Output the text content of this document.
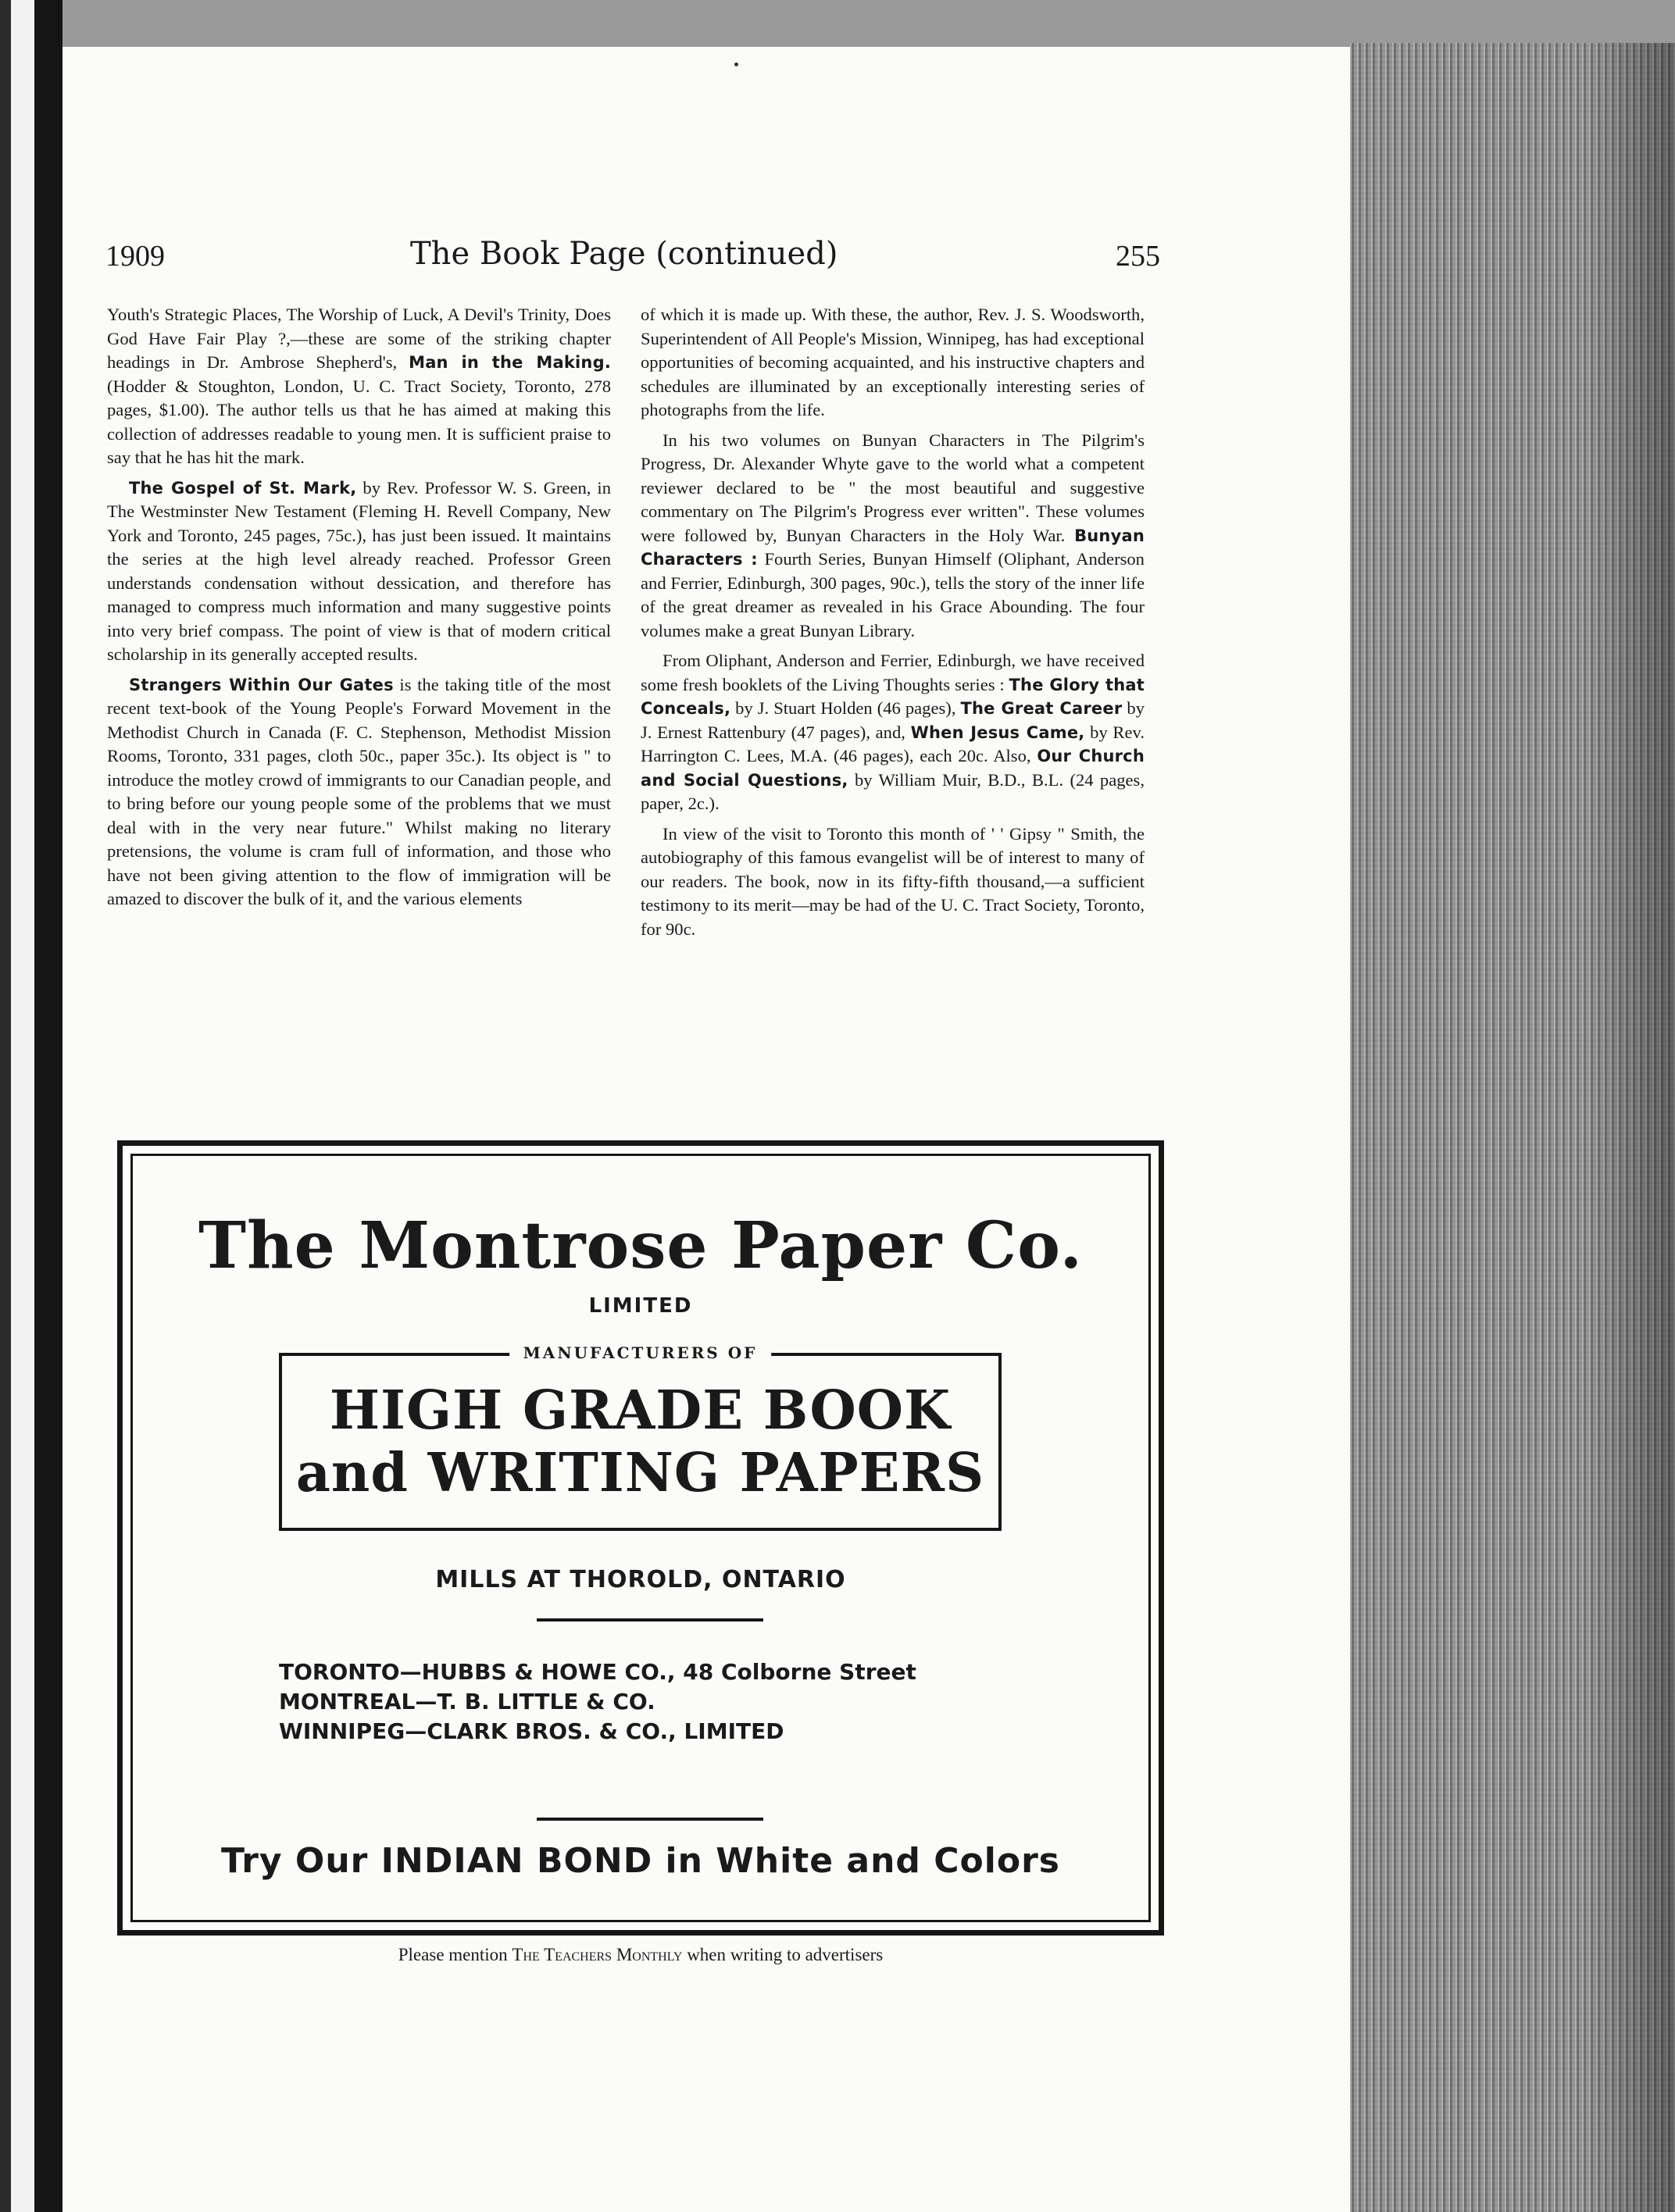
1909	The Book Page (continued)	255

Youth's Strategic Places, The Worship of Luck, A Devil's Trinity, Does God Have Fair Play ?,—these are some of the striking chapter headings in Dr. Ambrose Shepherd's, Man in the Making. (Hodder & Stoughton, London, U. C. Tract Society, Toronto, 278 pages, $1.00). The author tells us that he has aimed at making this collection of addresses readable to young men. It is sufficient praise to say that he has hit the mark.

The Gospel of St. Mark, by Rev. Professor W. S. Green, in The Westminster New Testament (Fleming H. Revell Company, New York and Toronto, 245 pages, 75c.), has just been issued. It maintains the series at the high level already reached. Professor Green understands condensation without dessication, and therefore has managed to compress much information and many suggestive points into very brief compass. The point of view is that of modern critical scholarship in its generally accepted results.

Strangers Within Our Gates is the taking title of the most recent text-book of the Young People's Forward Movement in the Methodist Church in Canada (F. C. Stephenson, Methodist Mission Rooms, Toronto, 331 pages, cloth 50c., paper 35c.). Its object is " to introduce the motley crowd of immigrants to our Canadian people, and to bring before our young people some of the problems that we must deal with in the very near future." Whilst making no literary pretensions, the volume is cram full of information, and those who have not been giving attention to the flow of immigration will be amazed to discover the bulk of it, and the various elements

of which it is made up. With these, the author, Rev. J. S. Woodsworth, Superintendent of All People's Mission, Winnipeg, has had exceptional opportunities of becoming acquainted, and his instructive chapters and schedules are illuminated by an exceptionally interesting series of photographs from the life.

In his two volumes on Bunyan Characters in The Pilgrim's Progress, Dr. Alexander Whyte gave to the world what a competent reviewer declared to be " the most beautiful and suggestive commentary on The Pilgrim's Progress ever written". These volumes were followed by, Bunyan Characters in the Holy War. Bunyan Characters : Fourth Series, Bunyan Himself (Oliphant, Anderson and Ferrier, Edinburgh, 300 pages, 90c.), tells the story of the inner life of the great dreamer as revealed in his Grace Abounding. The four volumes make a great Bunyan Library.

From Oliphant, Anderson and Ferrier, Edinburgh, we have received some fresh booklets of the Living Thoughts series : The Glory that Conceals, by J. Stuart Holden (46 pages), The Great Career by J. Ernest Rattenbury (47 pages), and, When Jesus Came, by Rev. Harrington C. Lees, M.A. (46 pages), each 20c. Also, Our Church and Social Questions, by William Muir, B.D., B.L. (24 pages, paper, 2c.).

In view of the visit to Toronto this month of ' ' Gipsy " Smith, the autobiography of this famous evangelist will be of interest to many of our readers. The book, now in its fifty-fifth thousand,—a sufficient testimony to its merit—may be had of the U. C. Tract Society, Toronto, for 90c.

The Montrose Paper Co.
LIMITED
MANUFACTURERS OF
HIGH GRADE BOOK
and WRITING PAPERS
MILLS AT THOROLD, ONTARIO
TORONTO—HUBBS & HOWE CO., 48 Colborne Street
MONTREAL—T. B. LITTLE & CO.
WINNIPEG—CLARK BROS. & CO., LIMITED
Try Our INDIAN BOND in White and Colors
Please mention The Teachers Monthly when writing to advertisers
